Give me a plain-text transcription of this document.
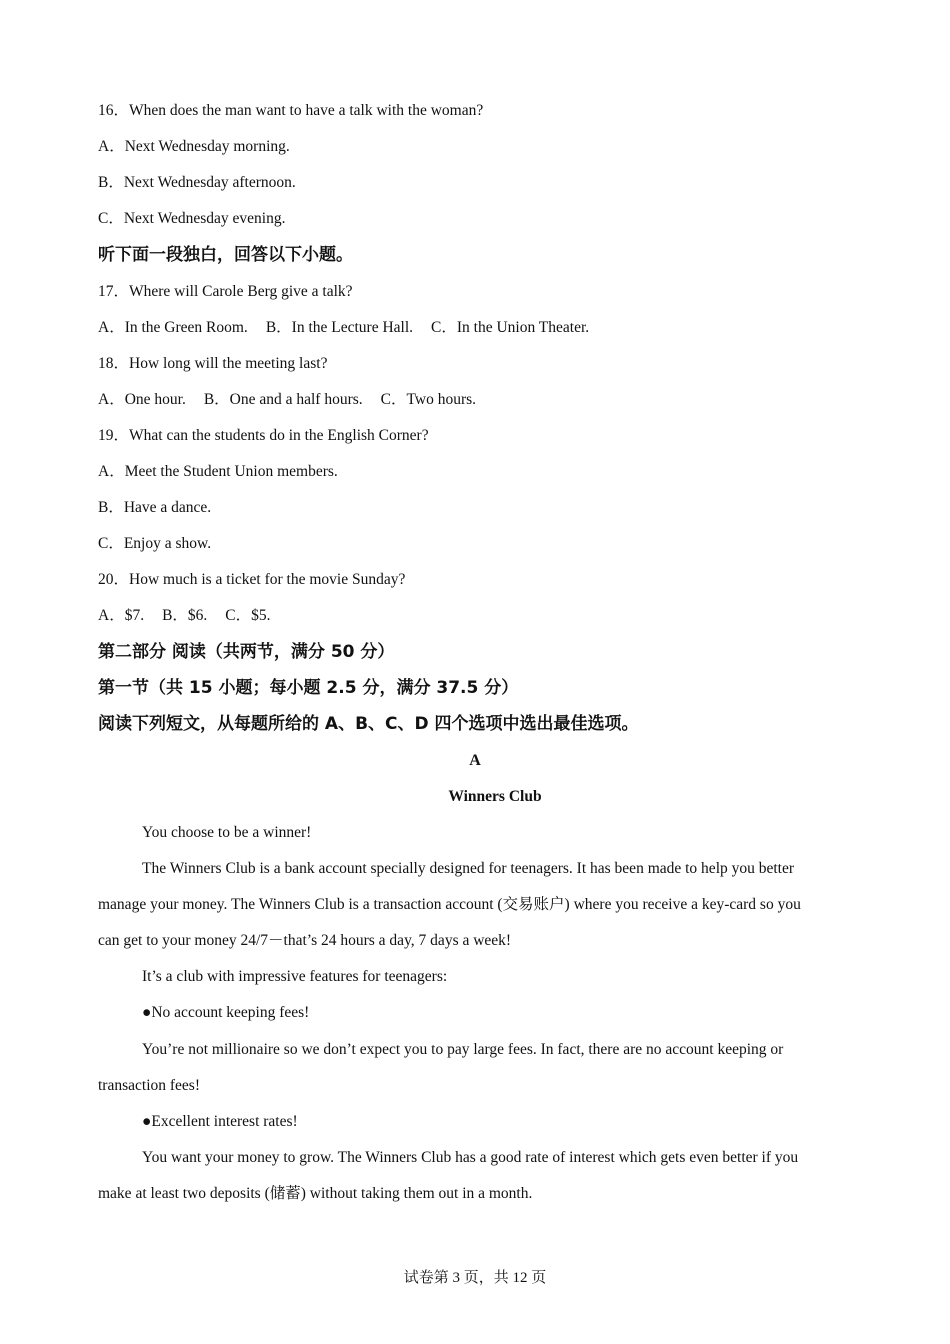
16．When does the man want to have a talk with the woman?
A．Next Wednesday morning.
B．Next Wednesday afternoon.
C．Next Wednesday evening.
听下面一段独白，回答以下小题。
17．Where will Carole Berg give a talk?
A．In the Green Room. B．In the Lecture Hall. C．In the Union Theater.
18．How long will the meeting last?
A．One hour. B．One and a half hours. C．Two hours.
19．What can the students do in the English Corner?
A．Meet the Student Union members.
B．Have a dance.
C．Enjoy a show.
20．How much is a ticket for the movie Sunday?
A．$7. B．$6. C．$5.
第二部分 阅读（共两节，满分 50 分）
第一节（共 15 小题；每小题 2.5 分，满分 37.5 分）
阅读下列短文，从每题所给的 A、B、C、D 四个选项中选出最佳选项。
A
Winners Club
You choose to be a winner!
The Winners Club is a bank account specially designed for teenagers. It has been made to help you better
manage your money. The Winners Club is a transaction account (交易账户) where you receive a key-card so you
can get to your money 24/7－that’s 24 hours a day, 7 days a week!
It’s a club with impressive features for teenagers:
●No account keeping fees!
You’re not millionaire so we don’t expect you to pay large fees. In fact, there are no account keeping or
transaction fees!
●Excellent interest rates!
You want your money to grow. The Winners Club has a good rate of interest which gets even better if you
make at least two deposits (储蓄) without taking them out in a month.
试卷第 3 页，共 12 页
